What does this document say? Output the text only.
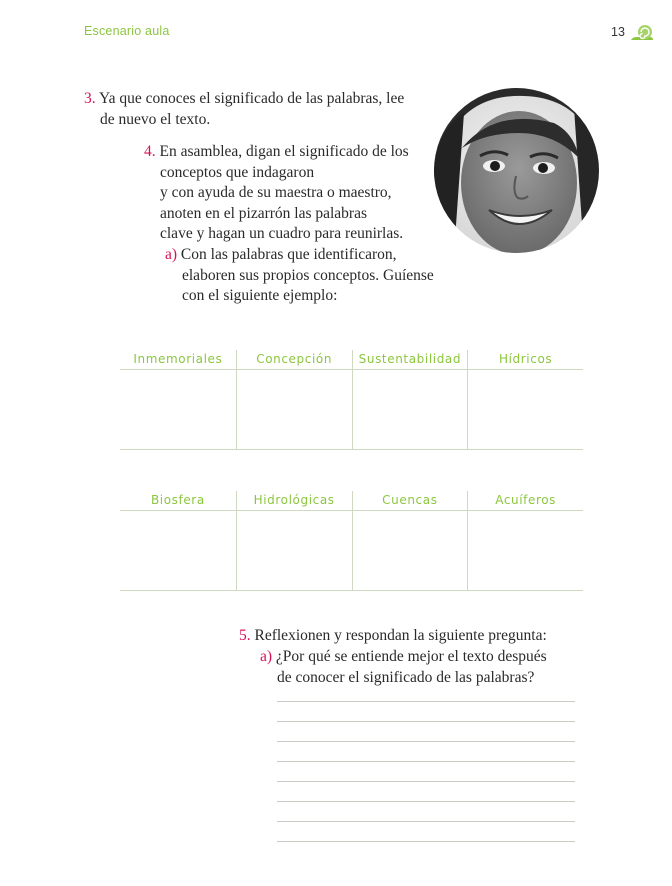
Escenario aula	13
3. Ya que conoces el significado de las palabras, lee
de nuevo el texto.
4. En asamblea, digan el significado de los
conceptos que indagaron
y con ayuda de su maestra o maestro,
anoten en el pizarrón las palabras
clave y hagan un cuadro para reunirlas.
a) Con las palabras que identificaron,
elaboren sus propios conceptos. Guíense
con el siguiente ejemplo:
Inmemoriales	Concepción	Sustentabilidad	Hídricos
Biosfera	Hidrológicas	Cuencas	Acuíferos
5. Reflexionen y respondan la siguiente pregunta:
a) ¿Por qué se entiende mejor el texto después
de conocer el significado de las palabras?
